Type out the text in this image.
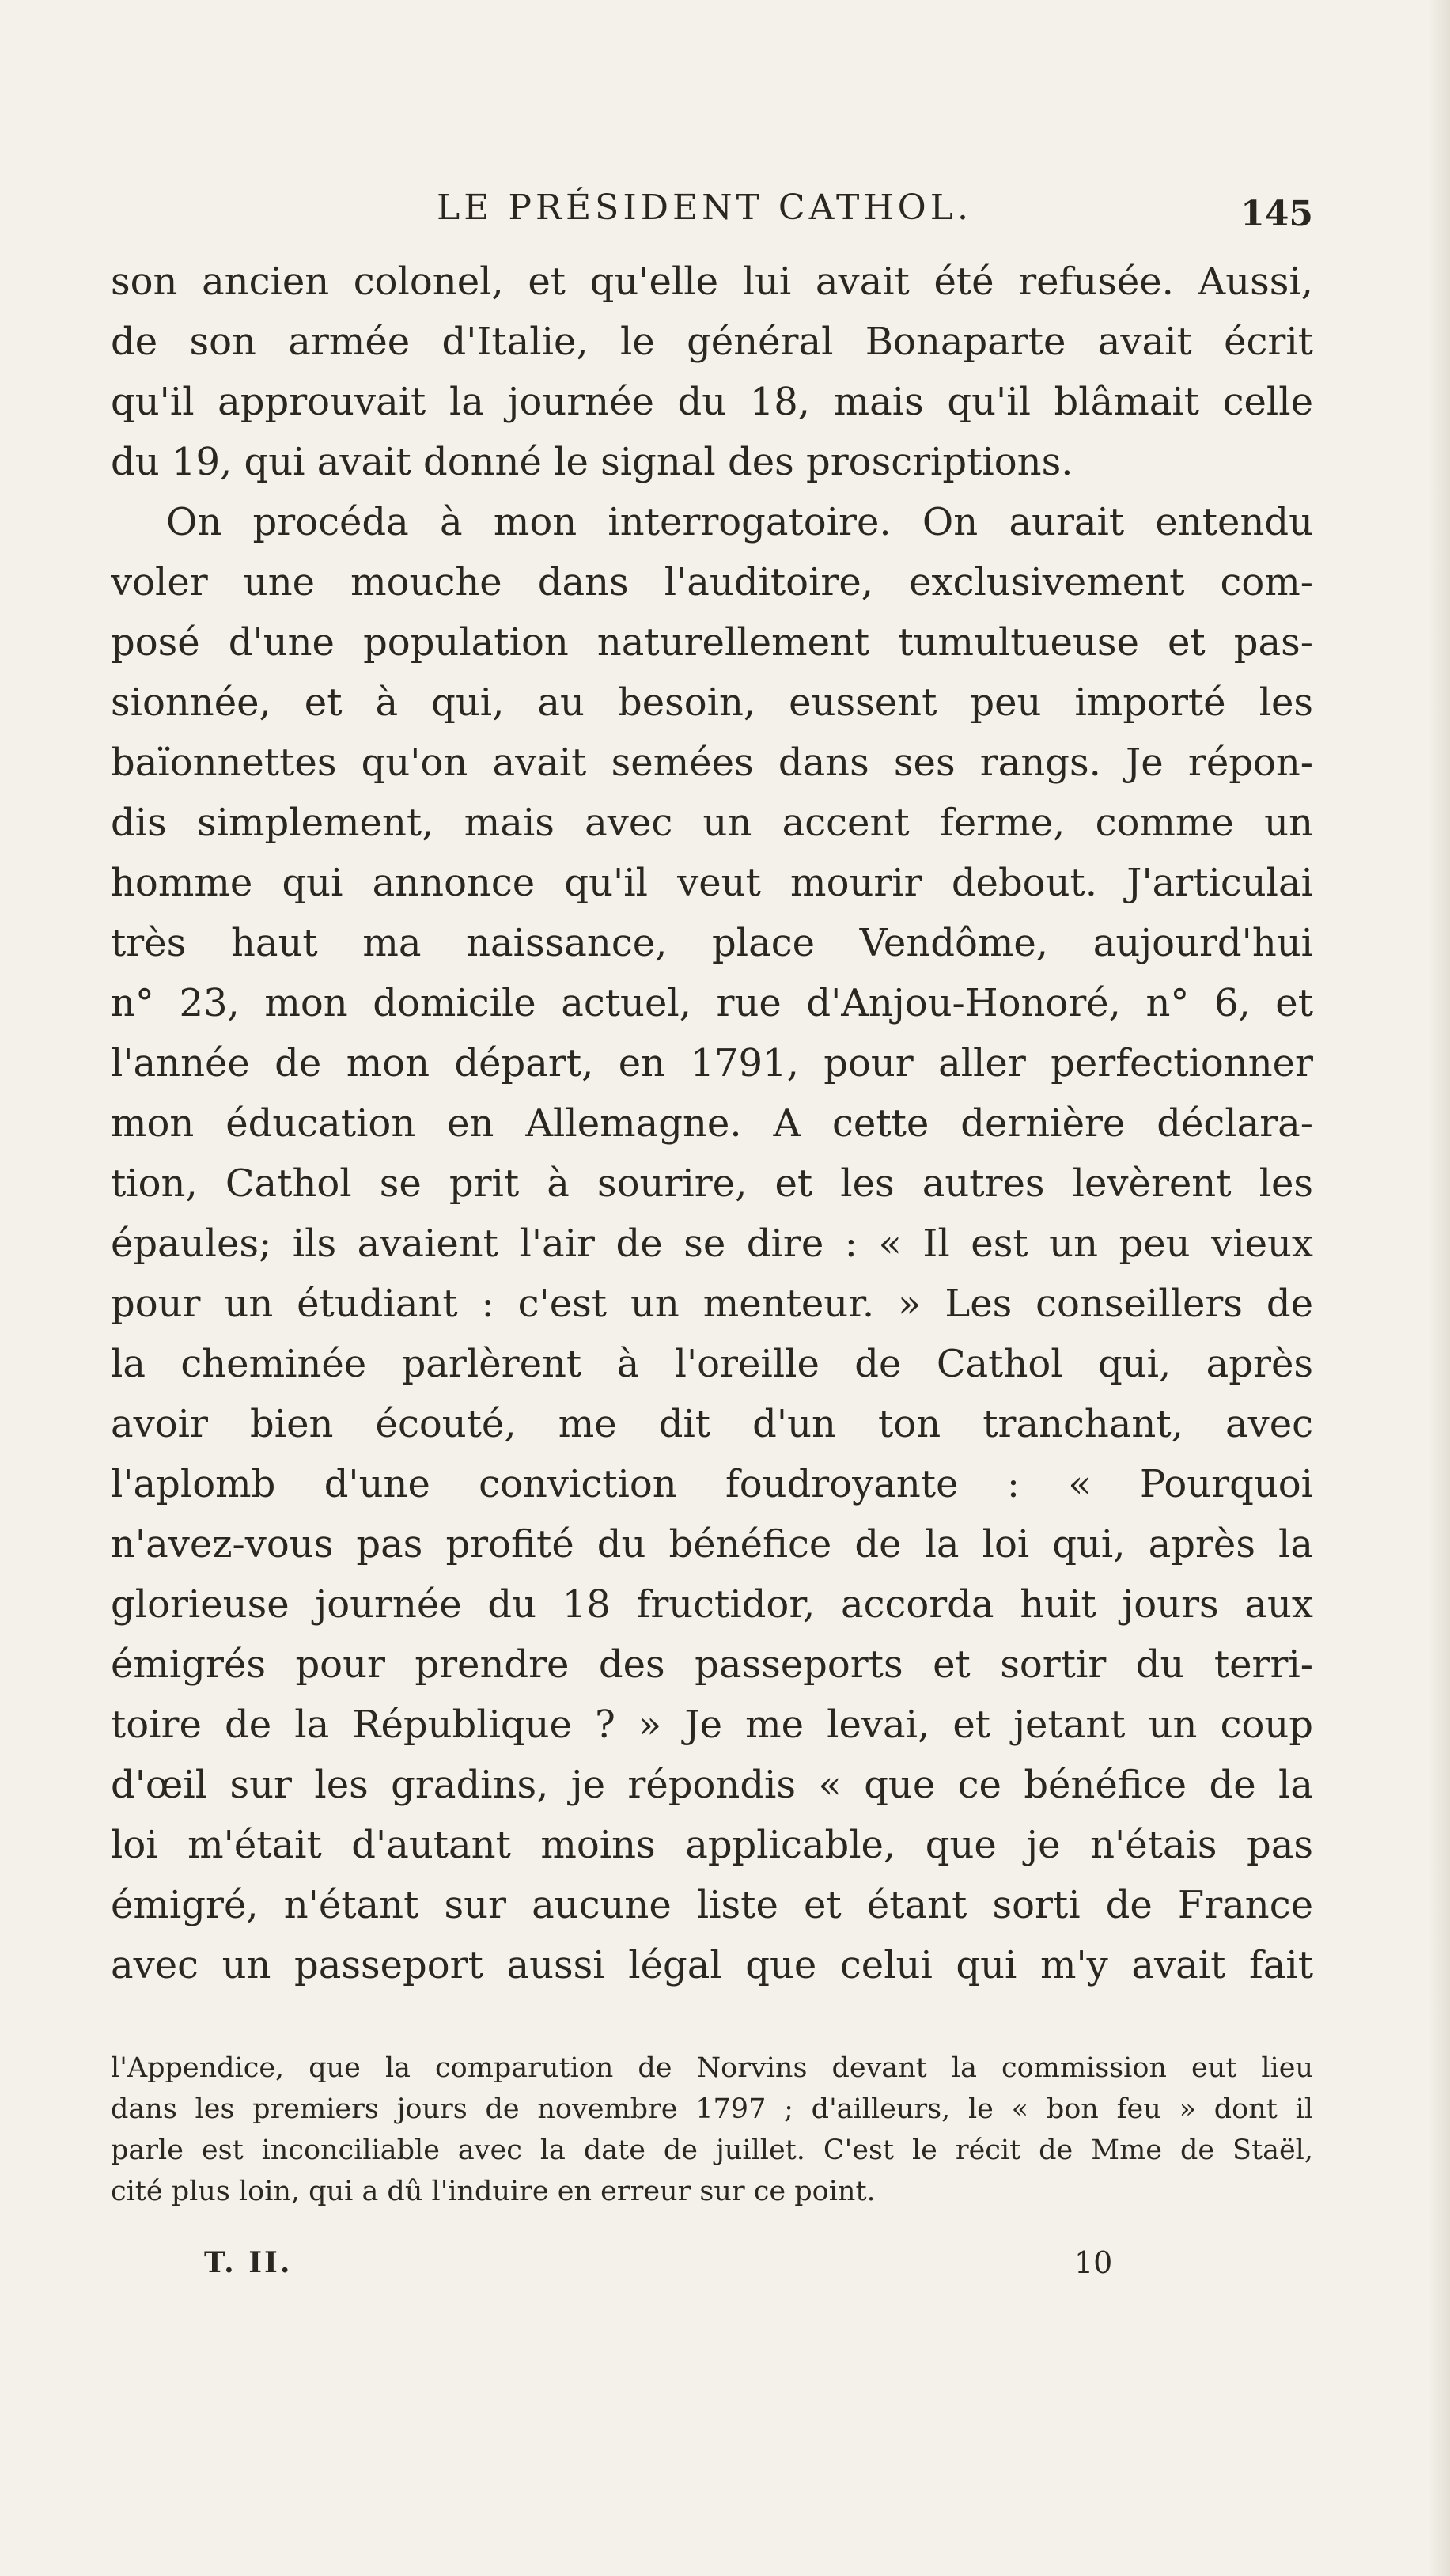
LE PRÉSIDENT CATHOL.	145
son ancien colonel, et qu'elle lui avait été refusée. Aussi,
de son armée d'Italie, le général Bonaparte avait écrit
qu'il approuvait la journée du 18, mais qu'il blâmait celle
du 19, qui avait donné le signal des proscriptions.
On procéda à mon interrogatoire. On aurait entendu
voler une mouche dans l'auditoire, exclusivement com-
posé d'une population naturellement tumultueuse et pas-
sionnée, et à qui, au besoin, eussent peu importé les
baïonnettes qu'on avait semées dans ses rangs. Je répon-
dis simplement, mais avec un accent ferme, comme un
homme qui annonce qu'il veut mourir debout. J'articulai
très haut ma naissance, place Vendôme, aujourd'hui
n° 23, mon domicile actuel, rue d'Anjou-Honoré, n° 6, et
l'année de mon départ, en 1791, pour aller perfectionner
mon éducation en Allemagne. A cette dernière déclara-
tion, Cathol se prit à sourire, et les autres levèrent les
épaules; ils avaient l'air de se dire : « Il est un peu vieux
pour un étudiant : c'est un menteur. » Les conseillers de
la cheminée parlèrent à l'oreille de Cathol qui, après
avoir bien écouté, me dit d'un ton tranchant, avec
l'aplomb d'une conviction foudroyante : « Pourquoi
n'avez-vous pas profité du bénéfice de la loi qui, après la
glorieuse journée du 18 fructidor, accorda huit jours aux
émigrés pour prendre des passeports et sortir du terri-
toire de la République ? » Je me levai, et jetant un coup
d'œil sur les gradins, je répondis « que ce bénéfice de la
loi m'était d'autant moins applicable, que je n'étais pas
émigré, n'étant sur aucune liste et étant sorti de France
avec un passeport aussi légal que celui qui m'y avait fait
l'Appendice, que la comparution de Norvins devant la commission eut lieu
dans les premiers jours de novembre 1797 ; d'ailleurs, le « bon feu » dont il
parle est inconciliable avec la date de juillet. C'est le récit de Mme de Staël,
cité plus loin, qui a dû l'induire en erreur sur ce point.
T. II.	10
